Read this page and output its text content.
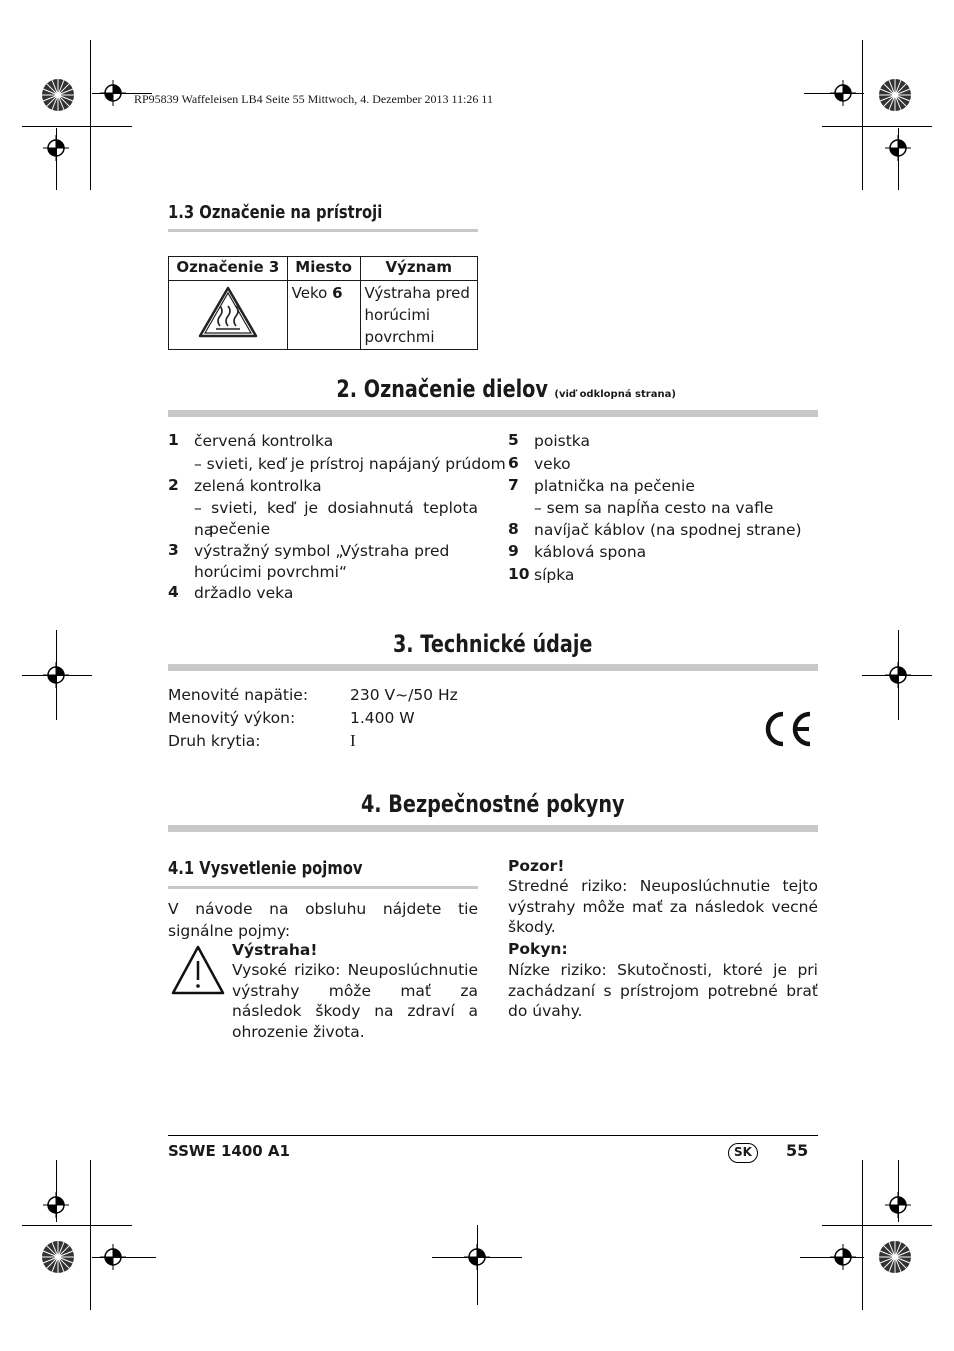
RP95839 Waffeleisen LB4 Seite 55 Mittwoch, 4. Dezember 2013 11:26 11
1.3 Označenie na prístroji
Označenie 3	Miesto	Význam
	Veko 6	Výstraha pred
horúcimi
povrchmi
2. Označenie dielov (viď odklopná strana)
1 červená kontrolka
– svieti, keď je prístroj napájaný prúdom
2 zelená kontrolka
– svieti, keď je dosiahnutá teplota na
pečenie
3 výstražný symbol „Výstraha pred
horúcimi povrchmi“
4 držadlo veka
5 poistka
6 veko
7 platnička na pečenie
– sem sa napĺňa cesto na vafle
8 navíjač káblov (na spodnej strane)
9 káblová spona
10 sípka
3. Technické údaje
Menovité napätie:	230 V~/50 Hz
Menovitý výkon:	1.400 W
Druh krytia:	I
4. Bezpečnostné pokyny
4.1 Vysvetlenie pojmov
V návode na obsluhu nájdete tie signálne pojmy:
Výstraha!
Vysoké riziko: Neuposlúchnutie výstrahy môže mať za následok škody na zdraví a ohrozenie života.
Pozor!
Stredné riziko: Neuposlúchnutie tejto výstrahy môže mať za následok vecné škody.
Pokyn:
Nízke riziko: Skutočnosti, ktoré je pri zachádzaní s prístrojom potrebné brať do úvahy.
SSWE 1400 A1	SK	55
